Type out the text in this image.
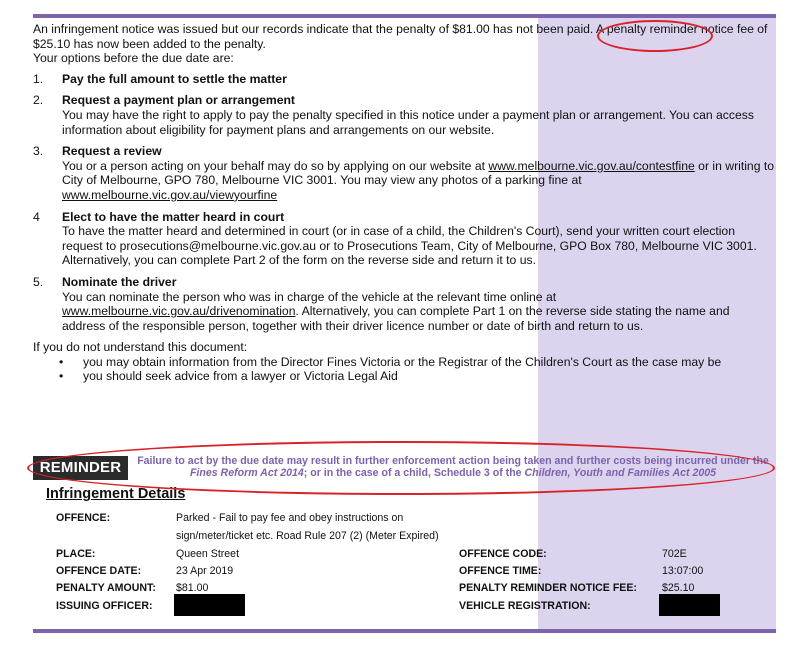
An infringement notice was issued but our records indicate that the penalty of $81.00 has not been paid. A penalty reminder notice fee of $25.10 has now been added to the penalty.
Your options before the due date are:

1. Pay the full amount to settle the matter
2. Request a payment plan or arrangement
You may have the right to apply to pay the penalty specified in this notice under a payment plan or arrangement. You can access information about eligibility for payment plans and arrangements on our website.
3. Request a review
You or a person acting on your behalf may do so by applying on our website at www.melbourne.vic.gov.au/contestfine or in writing to City of Melbourne, GPO 780, Melbourne VIC 3001. You may view any photos of a parking fine at www.melbourne.vic.gov.au/viewyourfine
4 Elect to have the matter heard in court
To have the matter heard and determined in court (or in case of a child, the Children's Court), send your written court election request to prosecutions@melbourne.vic.gov.au or to Prosecutions Team, City of Melbourne, GPO Box 780, Melbourne VIC 3001. Alternatively, you can complete Part 2 of the form on the reverse side and return it to us.
5. Nominate the driver
You can nominate the person who was in charge of the vehicle at the relevant time online at www.melbourne.vic.gov.au/drivenomination. Alternatively, you can complete Part 1 on the reverse side stating the name and address of the responsible person, together with their driver licence number or date of birth and return to us.

If you do not understand this document:

• you may obtain information from the Director Fines Victoria or the Registrar of the Children's Court as the case may be
• you should seek advice from a lawyer or Victoria Legal Aid
REMINDER	Failure to act by the due date may result in further enforcement action being taken and further costs being incurred under the Fines Reform Act 2014; or in the case of a child, Schedule 3 of the Children, Youth and Families Act 2005
Infringement Details
OFFENCE:	Parked - Fail to pay fee and obey instructions on
sign/meter/ticket etc. Road Rule 207 (2) (Meter Expired)
PLACE:	Queen Street	OFFENCE CODE:	702E
OFFENCE DATE:	23 Apr 2019	OFFENCE TIME:	13:07:00
PENALTY AMOUNT: $81.00	PENALTY REMINDER NOTICE FEE: $25.10
ISSUING OFFICER:	VEHICLE REGISTRATION:
